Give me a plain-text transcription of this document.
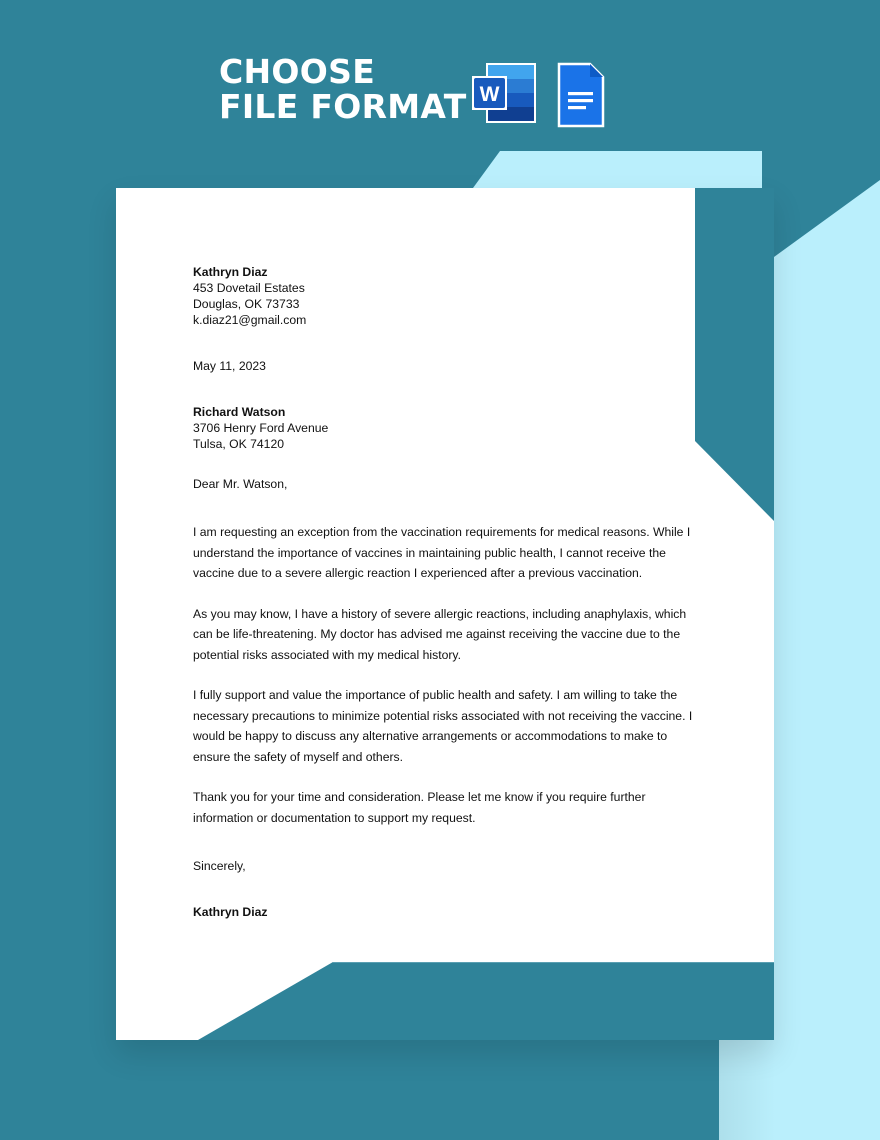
CHOOSE
FILE FORMAT W

Kathryn Diaz

453 Dovetail Estates

Douglas, OK 73733

k.diaz21@gmail.com

May 11, 2023

Richard Watson

3706 Henry Ford Avenue

Tulsa, OK 74120

Dear Mr. Watson,

I am requesting an exception from the vaccination requirements for medical reasons. While I understand the importance of vaccines in maintaining public health, I cannot receive the vaccine due to a severe allergic reaction I experienced after a previous vaccination.

As you may know, I have a history of severe allergic reactions, including anaphylaxis, which can be life-threatening. My doctor has advised me against receiving the vaccine due to the potential risks associated with my medical history.

I fully support and value the importance of public health and safety. I am willing to take the necessary precautions to minimize potential risks associated with not receiving the vaccine. I would be happy to discuss any alternative arrangements or accommodations to make to ensure the safety of myself and others.

Thank you for your time and consideration. Please let me know if you require further information or documentation to support my request.

Sincerely,

Kathryn Diaz
